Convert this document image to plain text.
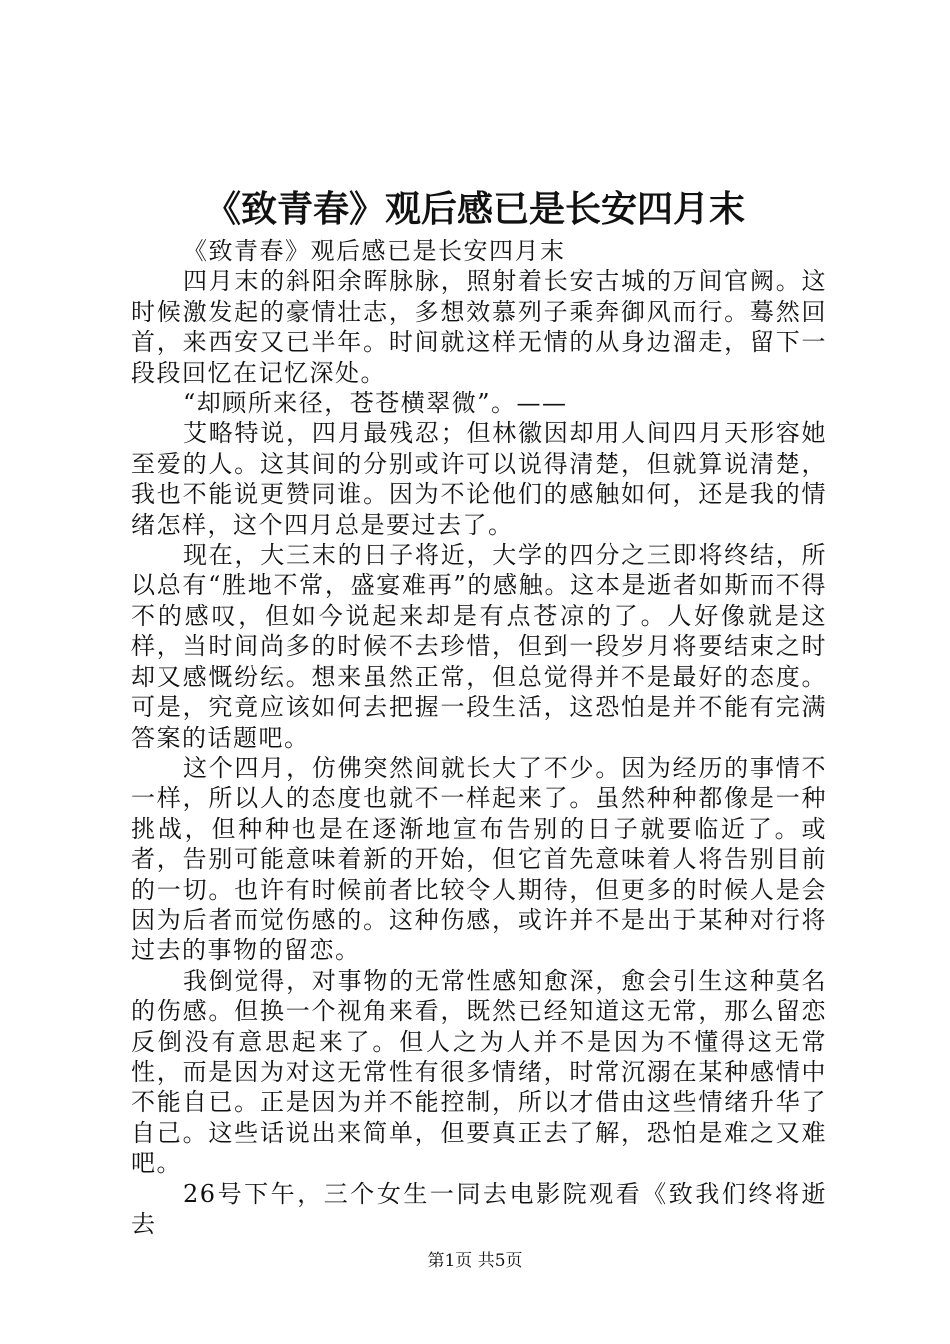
《致青春》观后感已是长安四月末

《致青春》观后感已是长安四月末

四月末的斜阳余晖脉脉，照射着长安古城的万间官阙。这时候激发起的豪情壮志，多想效慕列子乘奔御风而行。蓦然回首，来西安又已半年。时间就这样无情的从身边溜走，留下一段段回忆在记忆深处。

“却顾所来径，苍苍横翠微”。——

艾略特说，四月最残忍；但林徽因却用人间四月天形容她至爱的人。这其间的分别或许可以说得清楚，但就算说清楚，我也不能说更赞同谁。因为不论他们的感触如何，还是我的情绪怎样，这个四月总是要过去了。

现在，大三末的日子将近，大学的四分之三即将终结，所以总有“胜地不常，盛宴难再”的感触。这本是逝者如斯而不得不的感叹，但如今说起来却是有点苍凉的了。人好像就是这样，当时间尚多的时候不去珍惜，但到一段岁月将要结束之时却又感慨纷纭。想来虽然正常，但总觉得并不是最好的态度。可是，究竟应该如何去把握一段生活，这恐怕是并不能有完满答案的话题吧。

这个四月，仿佛突然间就长大了不少。因为经历的事情不一样，所以人的态度也就不一样起来了。虽然种种都像是一种挑战，但种种也是在逐渐地宣布告别的日子就要临近了。或者，告别可能意味着新的开始，但它首先意味着人将告别目前的一切。也许有时候前者比较令人期待，但更多的时候人是会因为后者而觉伤感的。这种伤感，或许并不是出于某种对行将过去的事物的留恋。

我倒觉得，对事物的无常性感知愈深，愈会引生这种莫名的伤感。但换一个视角来看，既然已经知道这无常，那么留恋反倒没有意思起来了。但人之为人并不是因为不懂得这无常性，而是因为对这无常性有很多情绪，时常沉溺在某种感情中不能自已。正是因为并不能控制，所以才借由这些情绪升华了自己。这些话说出来简单，但要真正去了解，恐怕是难之又难吧。

26号下午，三个女生一同去电影院观看《致我们终将逝去

第1页 共5页
